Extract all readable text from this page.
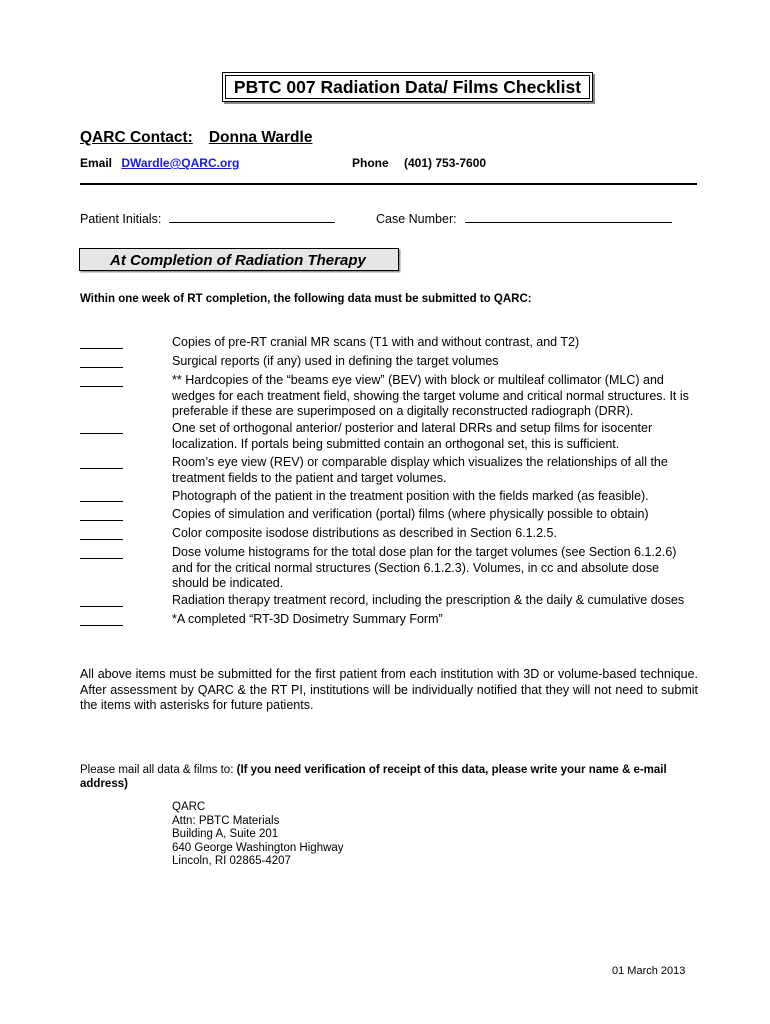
PBTC 007 Radiation Data/ Films Checklist
QARC Contact: Donna Wardle
Email DWardle@QARC.org	Phone (401) 753-7600
Patient Initials:	Case Number:
At Completion of Radiation Therapy
Within one week of RT completion, the following data must be submitted to QARC:
Copies of pre-RT cranial MR scans (T1 with and without contrast, and T2)
Surgical reports (if any) used in defining the target volumes
** Hardcopies of the “beams eye view” (BEV) with block or multileaf collimator (MLC) and wedges for each treatment field, showing the target volume and critical normal structures. It is preferable if these are superimposed on a digitally reconstructed radiograph (DRR).
One set of orthogonal anterior/ posterior and lateral DRRs and setup films for isocenter localization. If portals being submitted contain an orthogonal set, this is sufficient.
Room’s eye view (REV) or comparable display which visualizes the relationships of all the treatment fields to the patient and target volumes.
Photograph of the patient in the treatment position with the fields marked (as feasible).
Copies of simulation and verification (portal) films (where physically possible to obtain)
Color composite isodose distributions as described in Section 6.1.2.5.
Dose volume histograms for the total dose plan for the target volumes (see Section 6.1.2.6) and for the critical normal structures (Section 6.1.2.3). Volumes, in cc and absolute dose should be indicated.
Radiation therapy treatment record, including the prescription & the daily & cumulative doses
*A completed “RT-3D Dosimetry Summary Form”
All above items must be submitted for the first patient from each institution with 3D or volume-based technique. After assessment by QARC & the RT PI, institutions will be individually notified that they will not need to submit the items with asterisks for future patients.
Please mail all data & films to: (If you need verification of receipt of this data, please write your name & e-mail address)
QARC
Attn: PBTC Materials
Building A, Suite 201
640 George Washington Highway
Lincoln, RI 02865-4207
01 March 2013
